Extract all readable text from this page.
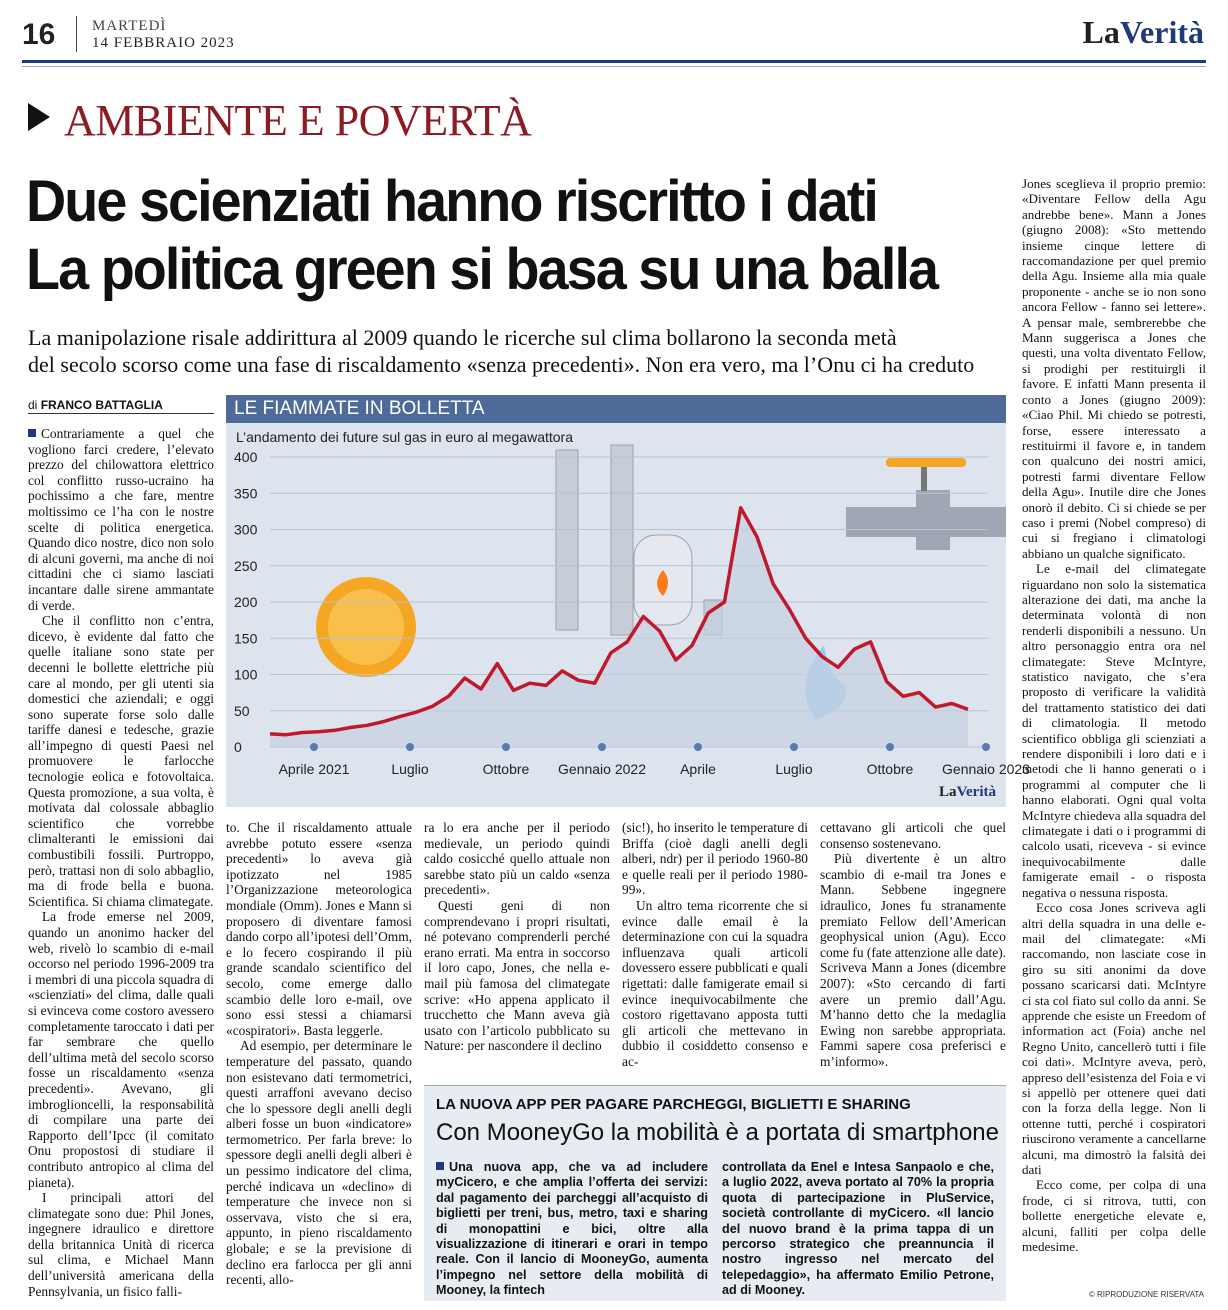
16 MARTEDÌ
14 FEBBRAIO 2023	LaVerità
AMBIENTE E POVERTÀ
Due scienziati hanno riscritto i dati
La politica green si basa su una balla
La manipolazione risale addirittura al 2009 quando le ricerche sul clima bollarono la seconda metà
del secolo scorso come una fase di riscaldamento «senza precedenti». Non era vero, ma l’Onu ci ha creduto
di FRANCO BATTAGLIA

Contrariamente a quel che vogliono farci credere, l’elevato prezzo del chilowattora elettrico col conflitto russo-ucraino ha pochissimo a che fare, mentre moltissimo ce l’ha con le nostre scelte di politica energetica. Quando dico nostre, dico non solo di alcuni governi, ma anche di noi cittadini che ci siamo lasciati incantare dalle sirene ammantate di verde.

Che il conflitto non c’entra, dicevo, è evidente dal fatto che quelle italiane sono state per decenni le bollette elettriche più care al mondo, per gli utenti sia domestici che aziendali; e oggi sono superate forse solo dalle tariffe danesi e tedesche, grazie all’impegno di questi Paesi nel promuovere le farlocche tecnologie eolica e fotovoltaica. Questa promozione, a sua volta, è motivata dal colossale abbaglio scientifico che vorrebbe climalteranti le emissioni dai combustibili fossili. Purtroppo, però, trattasi non di solo abbaglio, ma di frode bella e buona. Scientifica. Si chiama climategate.

La frode emerse nel 2009, quando un anonimo hacker del web, rivelò lo scambio di e-mail occorso nel periodo 1996-2009 tra i membri di una piccola squadra di «scienziati» del clima, dalle quali si evinceva come costoro avessero completamente taroccato i dati per far sembrare che quello dell’ultima metà del secolo scorso fosse un riscaldamento «senza precedenti». Avevano, gli imbroglioncelli, la responsabilità di compilare una parte dei Rapporto dell’Ipcc (il comitato Onu propostosi di studiare il contributo antropico al clima del pianeta).

I principali attori del climategate sono due: Phil Jones, ingegnere idraulico e direttore della britannica Unità di ricerca sul clima, e Michael Mann dell’università americana della Pennsylvania, un fisico falli-

LE FIAMMATE IN BOLLETTA
L’andamento dei future sul gas in euro al megawattora
0
50
100
150
200
250
300
350
400
Aprile 2021	Luglio	Ottobre Gennaio 2022 Aprile	Luglio	Ottobre Gennaio 2023
LaVerità

to. Che il riscaldamento attuale avrebbe potuto essere «senza precedenti» lo aveva già ipotizzato nel 1985 l’Organizzazione meteorologica mondiale (Omm). Jones e Mann si proposero di diventare famosi dando corpo all’ipotesi dell’Omm, e lo fecero cospirando il più grande scandalo scientifico del secolo, come emerge dallo scambio delle loro e-mail, ove sono essi stessi a chiamarsi «cospiratori». Basta leggerle.

Ad esempio, per determinare le temperature del passato, quando non esistevano dati termometrici, questi arraffoni avevano deciso che lo spessore degli anelli degli alberi fosse un buon «indicatore» termometrico. Per farla breve: lo spessore degli anelli degli alberi è un pessimo indicatore del clima, perché indicava un «declino» di temperature che invece non si osservava, visto che si era, appunto, in pieno riscaldamento globale; e se la previsione di declino era farlocca per gli anni recenti, allo-

ra lo era anche per il periodo medievale, un periodo quindi caldo cosicché quello attuale non sarebbe stato più un caldo «senza precedenti».

Questi geni di non comprendevano i propri risultati, né potevano comprenderli perché erano errati. Ma entra in soccorso il loro capo, Jones, che nella e-mail più famosa del climategate scrive: «Ho appena applicato il trucchetto che Mann aveva già usato con l’articolo pubblicato su Nature: per nascondere il declino

(sic!), ho inserito le temperature di Briffa (cioè dagli anelli degli alberi, ndr) per il periodo 1960-80 e quelle reali per il periodo 1980-99».

Un altro tema ricorrente che si evince dalle email è la determinazione con cui la squadra influenzava quali articoli dovessero essere pubblicati e quali rigettati: dalle famigerate email si evince inequivocabilmente che costoro rigettavano apposta tutti gli articoli che mettevano in dubbio il cosiddetto consenso e ac-

cettavano gli articoli che quel consenso sostenevano.

Più divertente è un altro scambio di e-mail tra Jones e Mann. Sebbene ingegnere idraulico, Jones fu stranamente premiato Fellow dell’American geophysical union (Agu). Ecco come fu (fate attenzione alle date). Scriveva Mann a Jones (dicembre 2007): «Sto cercando di farti avere un premio dall’Agu. M’hanno detto che la medaglia Ewing non sarebbe appropriata. Fammi sapere cosa preferisci e m’informo».

Jones sceglieva il proprio premio: «Diventare Fellow della Agu andrebbe bene». Mann a Jones (giugno 2008): «Sto mettendo insieme cinque lettere di raccomandazione per quel premio della Agu. Insieme alla mia quale proponente - anche se io non sono ancora Fellow - fanno sei lettere». A pensar male, sembrerebbe che Mann suggerisca a Jones che questi, una volta diventato Fellow, si prodighi per restituirgli il favore. E infatti Mann presenta il conto a Jones (giugno 2009): «Ciao Phil. Mi chiedo se potresti, forse, essere interessato a restituirmi il favore e, in tandem con qualcuno dei nostri amici, potresti farmi diventare Fellow della Agu». Inutile dire che Jones onorò il debito. Ci si chiede se per caso i premi (Nobel compreso) di cui si fregiano i climatologi abbiano un qualche significato.

Le e-mail del climategate riguardano non solo la sistematica alterazione dei dati, ma anche la determinata volontà di non renderli disponibili a nessuno. Un altro personaggio entra ora nel climategate: Steve McIntyre, statistico navigato, che s’era proposto di verificare la validità del trattamento statistico dei dati di climatologia. Il metodo scientifico obbliga gli scienziati a rendere disponibili i loro dati e i metodi che li hanno generati o i programmi al computer che li hanno elaborati. Ogni qual volta McIntyre chiedeva alla squadra del climategate i dati o i programmi di calcolo usati, riceveva - si evince inequivocabilmente dalle famigerate email - o risposta negativa o nessuna risposta.

Ecco cosa Jones scriveva agli altri della squadra in una delle e-mail del climategate: «Mi raccomando, non lasciate cose in giro su siti anonimi da dove possano scaricarsi dati. McIntyre ci sta col fiato sul collo da anni. Se apprende che esiste un Freedom of information act (Foia) anche nel Regno Unito, cancellerò tutti i file coi dati». McIntyre aveva, però, appreso dell’esistenza del Foia e vi si appellò per ottenere quei dati con la forza della legge. Non li ottenne tutti, perché i cospiratori riuscirono veramente a cancellarne alcuni, ma dimostrò la falsità dei dati

Ecco come, per colpa di una frode, ci si ritrova, tutti, con bollette energetiche elevate e, alcuni, falliti per colpa delle medesime.

LA NUOVA APP PER PAGARE PARCHEGGI, BIGLIETTI E SHARING
Con MooneyGo la mobilità è a portata di smartphone
Una nuova app, che va ad includere myCicero, e che amplia l’offerta dei servizi: dal pagamento dei parcheggi all’acquisto di biglietti per treni, bus, metro, taxi e sharing di monopattini e bici, oltre alla visualizzazione di itinerari e orari in tempo reale. Con il lancio di MooneyGo, aumenta l’impegno nel settore della mobilità di Mooney, la fintech
controllata da Enel e Intesa Sanpaolo e che, a luglio 2022, aveva portato al 70% la propria quota di partecipazione in PluService, società controllante di myCicero. «Il lancio del nuovo brand è la prima tappa di un percorso strategico che preannuncia il nostro ingresso nel mercato del telepedaggio», ha affermato Emilio Petrone, ad di Mooney.	© RIPRODUZIONE RISERVATA
